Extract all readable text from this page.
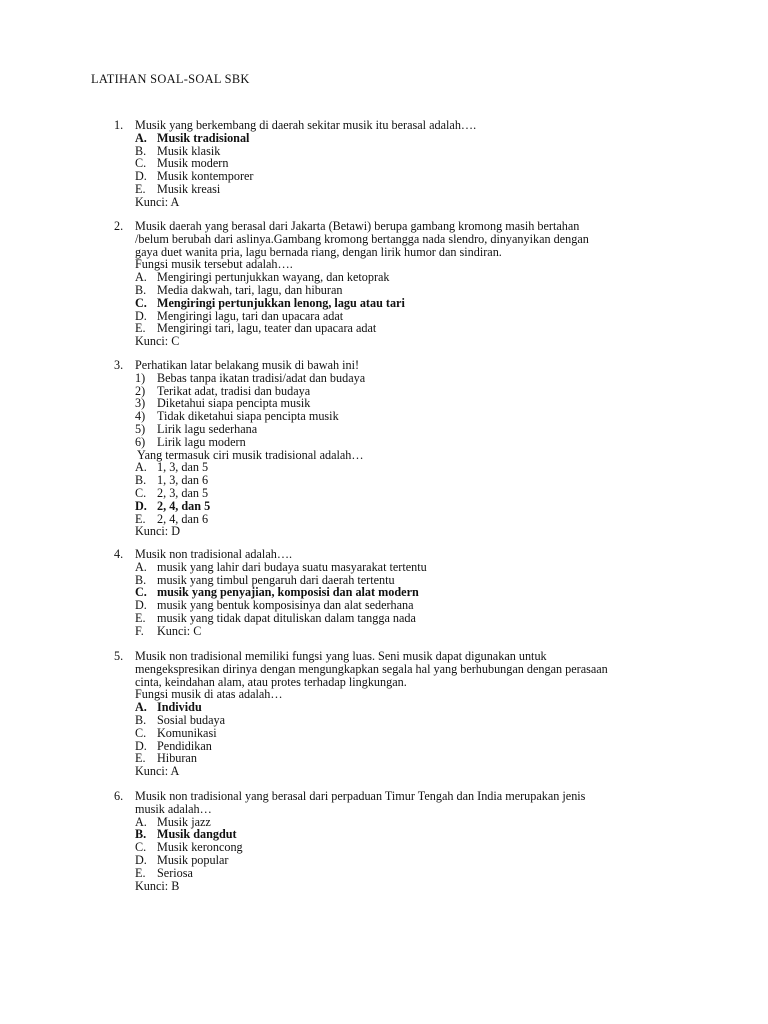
LATIHAN SOAL-SOAL SBK
1. Musik yang berkembang di daerah sekitar musik itu berasal adalah….
A. Musik tradisional
B. Musik klasik
C. Musik modern
D. Musik kontemporer
E. Musik kreasi
Kunci: A
2. Musik daerah yang berasal dari Jakarta (Betawi) berupa gambang kromong masih bertahan
/belum berubah dari aslinya.Gambang kromong bertangga nada slendro, dinyanyikan dengan
gaya duet wanita pria, lagu bernada riang, dengan lirik humor dan sindiran.
Fungsi musik tersebut adalah….
A. Mengiringi pertunjukkan wayang, dan ketoprak
B. Media dakwah, tari, lagu, dan hiburan
C. Mengiringi pertunjukkan lenong, lagu atau tari
D. Mengiringi lagu, tari dan upacara adat
E. Mengiringi tari, lagu, teater dan upacara adat
Kunci: C
3. Perhatikan latar belakang musik di bawah ini!
1) Bebas tanpa ikatan tradisi/adat dan budaya
2) Terikat adat, tradisi dan budaya
3) Diketahui siapa pencipta musik
4) Tidak diketahui siapa pencipta musik
5) Lirik lagu sederhana
6) Lirik lagu modern
Yang termasuk ciri musik tradisional adalah…
A. 1, 3, dan 5
B. 1, 3, dan 6
C. 2, 3, dan 5
D. 2, 4, dan 5
E. 2, 4, dan 6
Kunci: D
4. Musik non tradisional adalah….
A. musik yang lahir dari budaya suatu masyarakat tertentu
B. musik yang timbul pengaruh dari daerah tertentu
C. musik yang penyajian, komposisi dan alat modern
D. musik yang bentuk komposisinya dan alat sederhana
E. musik yang tidak dapat dituliskan dalam tangga nada
F. Kunci: C
5. Musik non tradisional memiliki fungsi yang luas. Seni musik dapat digunakan untuk
mengekspresikan dirinya dengan mengungkapkan segala hal yang berhubungan dengan perasaan
cinta, keindahan alam, atau protes terhadap lingkungan.
Fungsi musik di atas adalah…
A. Individu
B. Sosial budaya
C. Komunikasi
D. Pendidikan
E. Hiburan
Kunci: A
6. Musik non tradisional yang berasal dari perpaduan Timur Tengah dan India merupakan jenis
musik adalah…
A. Musik jazz
B. Musik dangdut
C. Musik keroncong
D. Musik popular
E. Seriosa
Kunci: B
